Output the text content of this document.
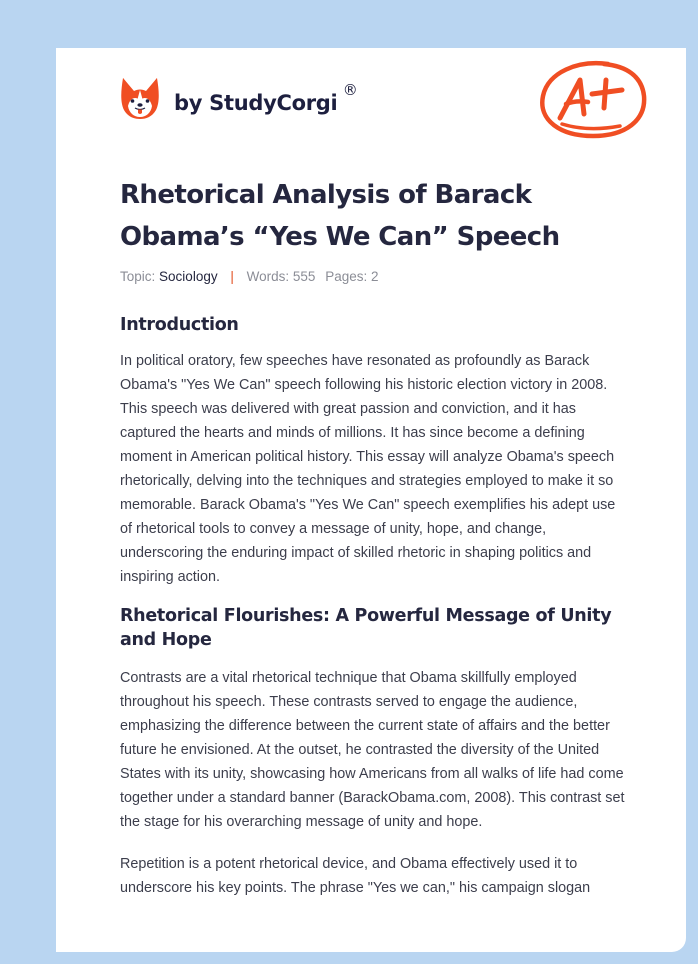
by StudyCorgi
®
Rhetorical Analysis of Barack Obama’s “Yes We Can” Speech
Topic: Sociology | Words: 555 Pages: 2
Introduction

In political oratory, few speeches have resonated as profoundly as Barack Obama's "Yes We Can" speech following his historic election victory in 2008. This speech was delivered with great passion and conviction, and it has captured the hearts and minds of millions. It has since become a defining moment in American political history. This essay will analyze Obama's speech rhetorically, delving into the techniques and strategies employed to make it so memorable. Barack Obama's "Yes We Can" speech exemplifies his adept use of rhetorical tools to convey a message of unity, hope, and change, underscoring the enduring impact of skilled rhetoric in shaping politics and inspiring action.

Rhetorical Flourishes: A Powerful Message of Unity and Hope

Contrasts are a vital rhetorical technique that Obama skillfully employed throughout his speech. These contrasts served to engage the audience, emphasizing the difference between the current state of affairs and the better future he envisioned. At the outset, he contrasted the diversity of the United States with its unity, showcasing how Americans from all walks of life had come together under a standard banner (BarackObama.com, 2008). This contrast set the stage for his overarching message of unity and hope.

Repetition is a potent rhetorical device, and Obama effectively used it to underscore his key points. The phrase "Yes we can," his campaign slogan
